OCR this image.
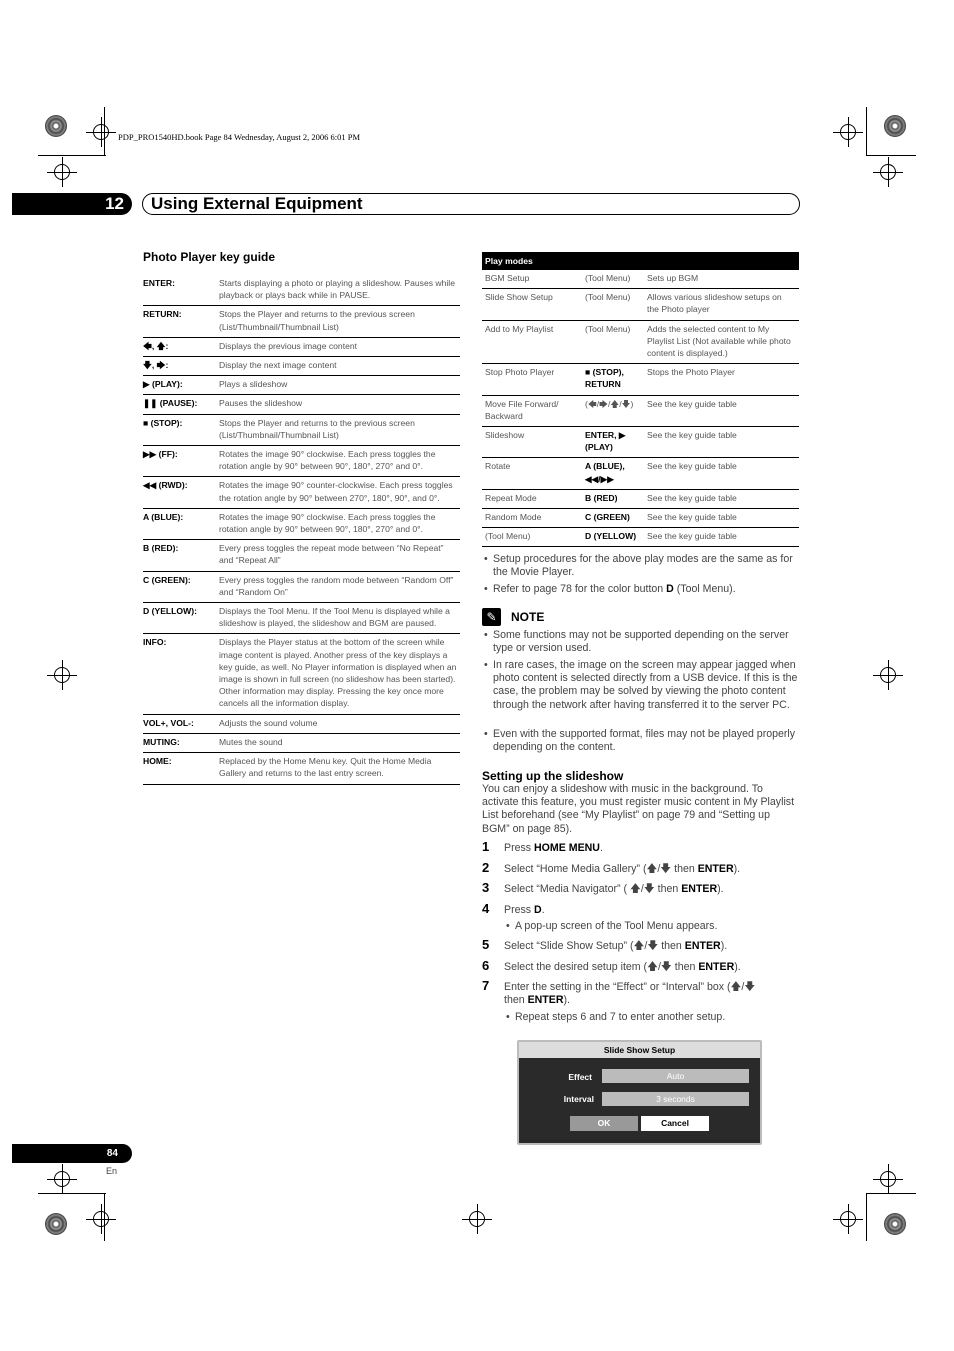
PDP_PRO1540HD.book Page 84 Wednesday, August 2, 2006 6:01 PM
12	Using External Equipment
Photo Player key guide
ENTER:	Starts displaying a photo or playing a slideshow. Pauses while playback or plays back while in PAUSE.
RETURN:	Stops the Player and returns to the previous screen (List/Thumbnail/Thumbnail List)
🡄, 🡅:	Displays the previous image content
🡇, 🡆:	Display the next image content
▶ (PLAY):	Plays a slideshow
❚❚ (PAUSE):	Pauses the slideshow
■ (STOP):	Stops the Player and returns to the previous screen (List/Thumbnail/Thumbnail List)
▶▶ (FF):	Rotates the image 90° clockwise. Each press toggles the rotation angle by 90° between 90°, 180°, 270° and 0°.
◀◀ (RWD):	Rotates the image 90° counter-clockwise. Each press toggles the rotation angle by 90° between 270°, 180°, 90°, and 0°.
A (BLUE):	Rotates the image 90° clockwise. Each press toggles the rotation angle by 90° between 90°, 180°, 270° and 0°.
B (RED):	Every press toggles the repeat mode between “No Repeat” and “Repeat All”
C (GREEN):	Every press toggles the random mode between “Random Off” and “Random On”
D (YELLOW):	Displays the Tool Menu. If the Tool Menu is displayed while a slideshow is played, the slideshow and BGM are paused.
INFO:	Displays the Player status at the bottom of the screen while image content is played. Another press of the key displays a key guide, as well. No Player information is displayed when an image is shown in full screen (no slideshow has been started). Other information may display. Pressing the key once more cancels all the information display.
VOL+, VOL-:	Adjusts the sound volume
MUTING:	Mutes the sound
HOME:	Replaced by the Home Menu key. Quit the Home Media Gallery and returns to the last entry screen.
Play modes		
BGM Setup	(Tool Menu)	Sets up BGM
Slide Show Setup	(Tool Menu)	Allows various slideshow setups on the Photo player
Add to My Playlist	(Tool Menu)	Adds the selected content to My Playlist List (Not available while photo content is displayed.)
Stop Photo Player	■ (STOP), RETURN	Stops the Photo Player
Move File Forward/ Backward	(🡄/🡆/🡅/🡇)	See the key guide table
Slideshow	ENTER, ▶ (PLAY)	See the key guide table
Rotate	A (BLUE), ◀◀/▶▶	See the key guide table
Repeat Mode	B (RED)	See the key guide table
Random Mode	C (GREEN)	See the key guide table
(Tool Menu)	D (YELLOW)	See the key guide table
• Setup procedures for the above play modes are the same as for the Movie Player.
• Refer to page 78 for the color button D (Tool Menu).
✎	NOTE
• Some functions may not be supported depending on the server type or version used.
• In rare cases, the image on the screen may appear jagged when photo content is selected directly from a USB device. If this is the case, the problem may be solved by viewing the photo content through the network after having transferred it to the server PC.
• Even with the supported format, files may not be played properly depending on the content.
Setting up the slideshow
You can enjoy a slideshow with music in the background. To activate this feature, you must register music content in My Playlist List beforehand (see “My Playlist” on page 79 and “Setting up BGM” on page 85).
1 Press HOME MENU.
2 Select “Home Media Gallery” (🡅/🡇 then ENTER).
3 Select “Media Navigator” ( 🡅/🡇 then ENTER).
4 Press D.
• A pop-up screen of the Tool Menu appears.
5 Select “Slide Show Setup” (🡅/🡇 then ENTER).
6 Select the desired setup item (🡅/🡇 then ENTER).
7 Enter the setting in the “Effect” or “Interval” box (🡅/🡇
then ENTER).
• Repeat steps 6 and 7 to enter another setup.
Slide Show Setup
Effect	Auto
Interval	3 seconds
OK	Cancel
84
En
